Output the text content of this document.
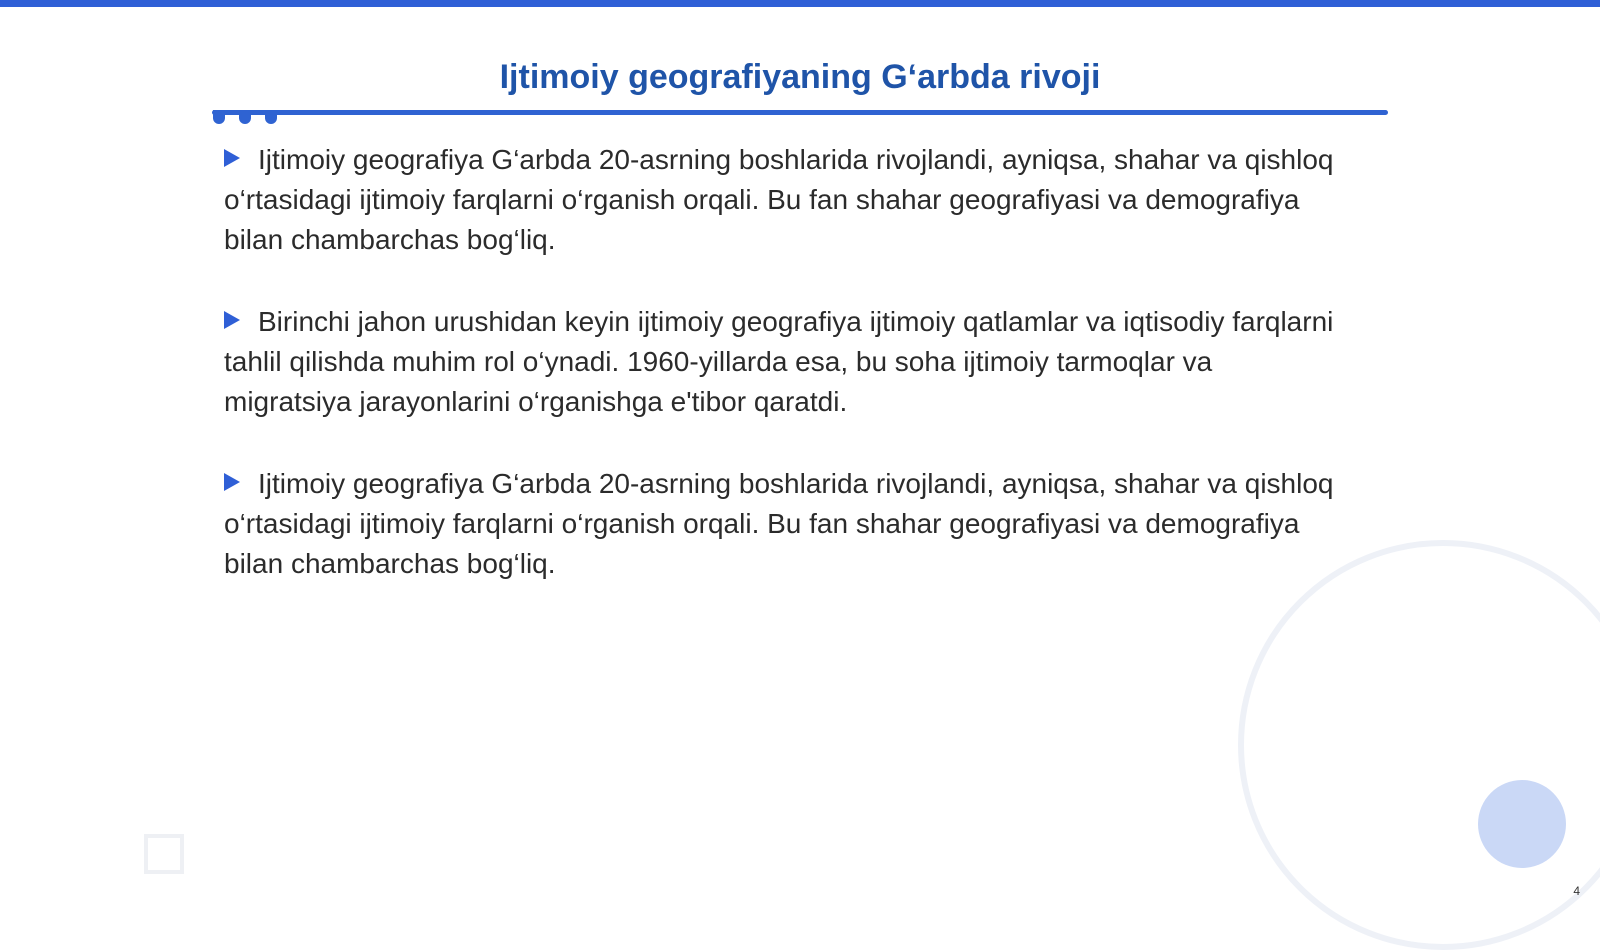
Ijtimoiy geografiyaning G‘arbda rivoji

Ijtimoiy geografiya G‘arbda 20-asrning boshlarida rivojlandi, ayniqsa, shahar va qishloq o‘rtasidagi ijtimoiy farqlarni o‘rganish orqali. Bu fan shahar geografiyasi va demografiya bilan chambarchas bog‘liq.

Birinchi jahon urushidan keyin ijtimoiy geografiya ijtimoiy qatlamlar va iqtisodiy farqlarni tahlil qilishda muhim rol o‘ynadi. 1960-yillarda esa, bu soha ijtimoiy tarmoqlar va migratsiya jarayonlarini o‘rganishga e'tibor qaratdi.

Ijtimoiy geografiya G‘arbda 20-asrning boshlarida rivojlandi, ayniqsa, shahar va qishloq o‘rtasidagi ijtimoiy farqlarni o‘rganish orqali. Bu fan shahar geografiyasi va demografiya bilan chambarchas bog‘liq.

4
